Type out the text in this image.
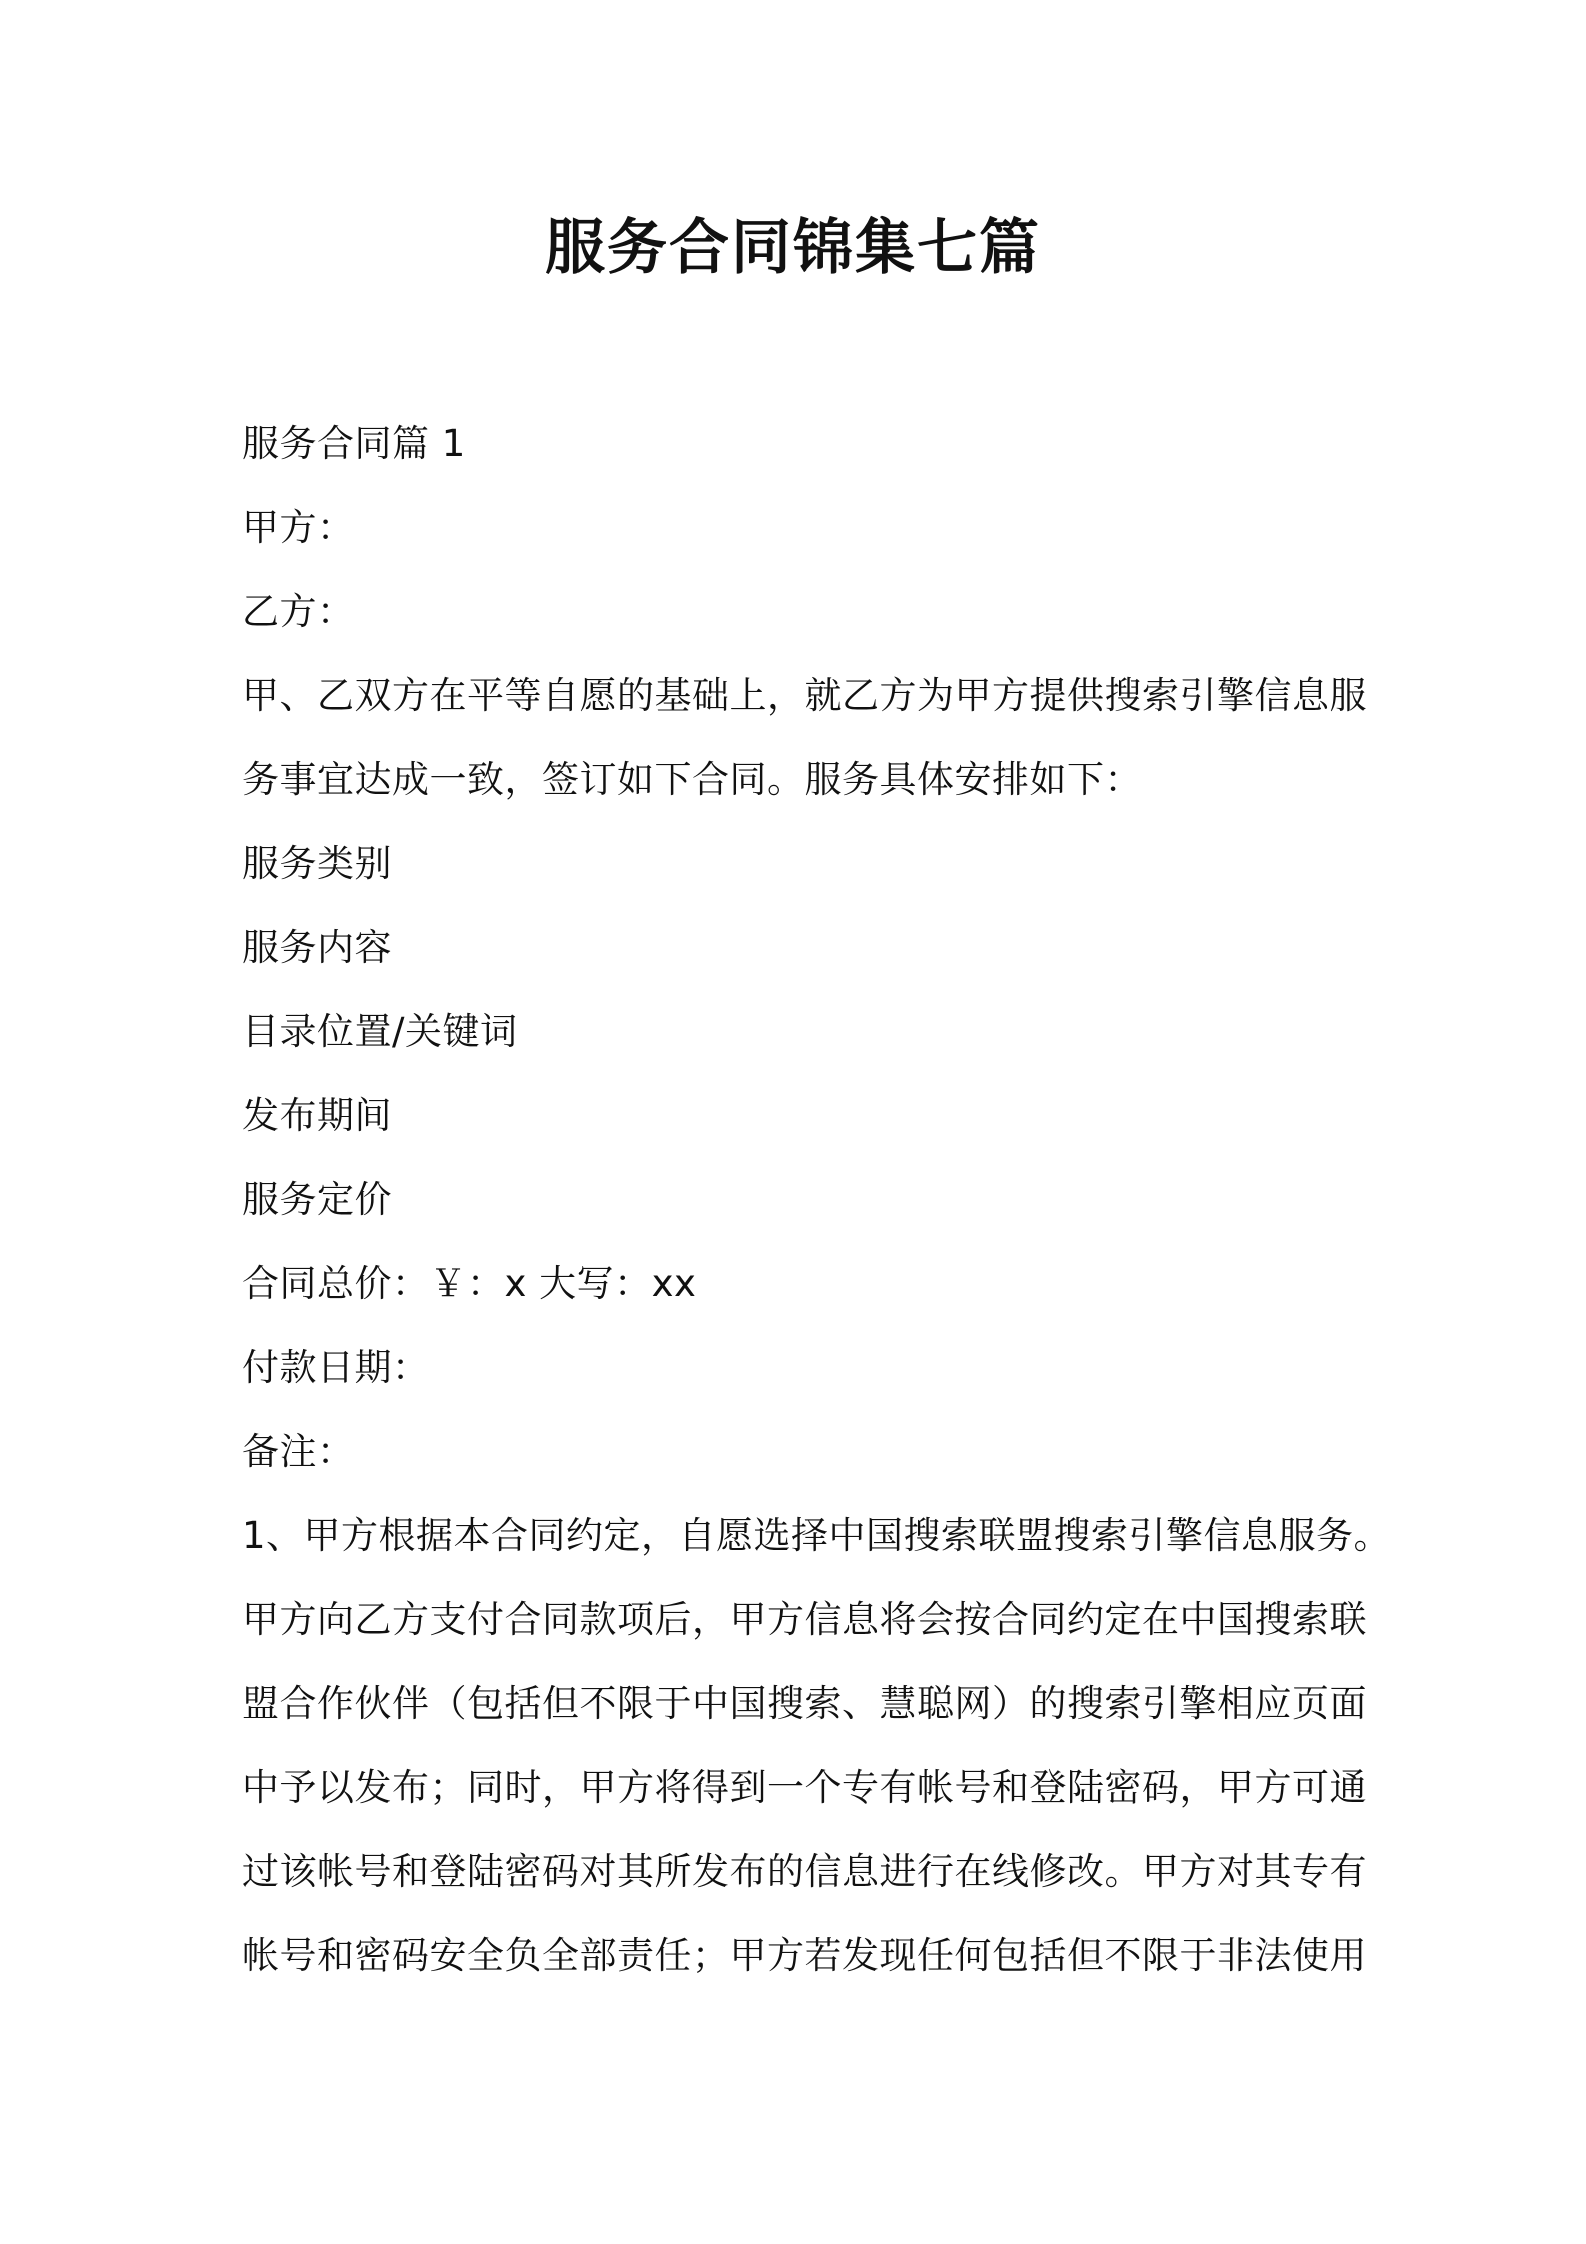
服务合同锦集七篇

服务合同篇 1

甲方：

乙方：

甲、乙双方在平等自愿的基础上，就乙方为甲方提供搜索引擎信息服

务事宜达成一致，签订如下合同。服务具体安排如下：

服务类别

服务内容

目录位置/关键词

发布期间

服务定价

合同总价：￥：x 大写：xx

付款日期：

备注：

1、甲方根据本合同约定，自愿选择中国搜索联盟搜索引擎信息服务。

甲方向乙方支付合同款项后，甲方信息将会按合同约定在中国搜索联

盟合作伙伴（包括但不限于中国搜索、慧聪网）的搜索引擎相应页面

中予以发布；同时，甲方将得到一个专有帐号和登陆密码，甲方可通

过该帐号和登陆密码对其所发布的信息进行在线修改。甲方对其专有

帐号和密码安全负全部责任；甲方若发现任何包括但不限于非法使用
